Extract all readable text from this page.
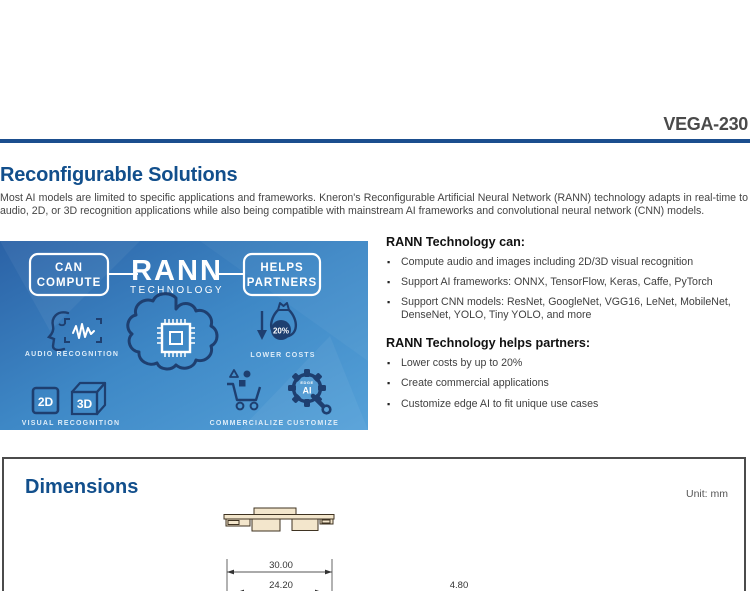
VEGA-230
Reconfigurable Solutions
Most AI models are limited to specific applications and frameworks. Kneron's Reconfigurable Artificial Neural Network (RANN) technology adapts in real-time to audio, 2D, or 3D recognition applications while also being compatible with mainstream AI frameworks and convolutional neural network (CNN) models.
CAN
COMPUTE RANN
TECHNOLOGY
HELPS
PARTNERS
AUDIO RECOGNITION
20%
LOWER COSTS
2D 3D
VISUAL RECOGNITION	COMMERCIALIZE
EDGE
AI
CUSTOMIZE
RANN Technology can:
▪ Compute audio and images including 2D/3D visual recognition
▪ Support AI frameworks: ONNX, TensorFlow, Keras, Caffe, PyTorch
▪ Support CNN models: ResNet, GoogleNet, VGG16, LeNet, MobileNet, DenseNet, YOLO, Tiny YOLO, and more
RANN Technology helps partners:
▪ Lower costs by up to 20%
▪ Create commercial applications
▪ Customize edge AI to fit unique use cases
Dimensions	Unit: mm
30.00
24.20	4.80
